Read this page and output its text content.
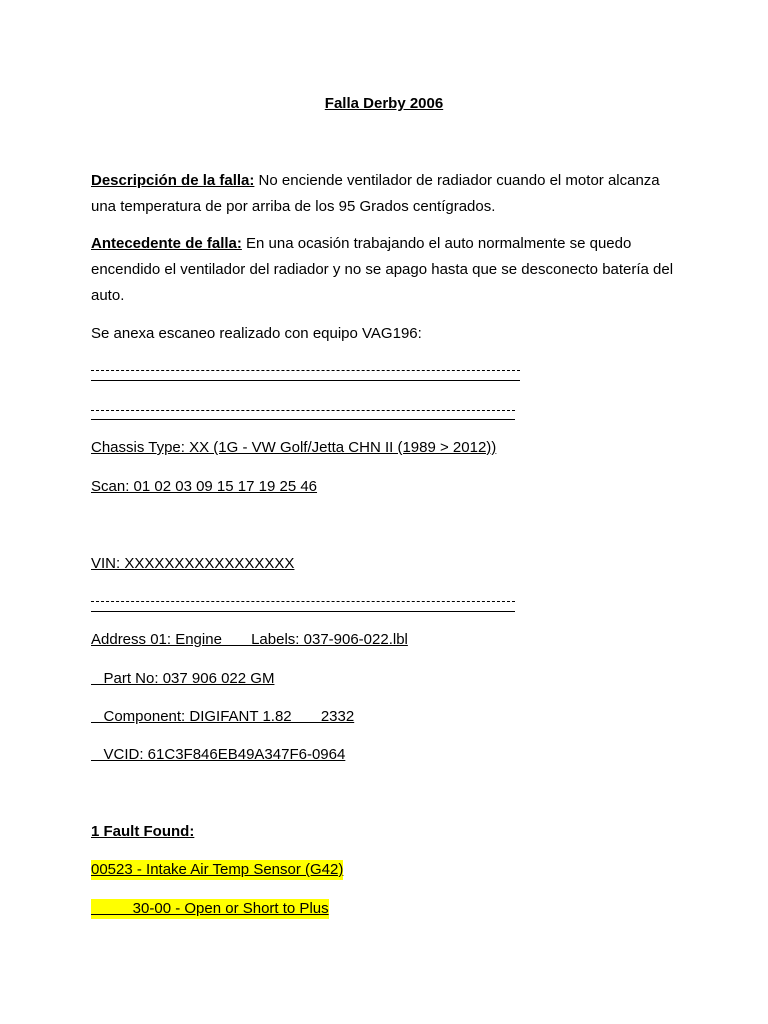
Falla Derby 2006
Descripción de la falla: No enciende ventilador de radiador cuando el motor alcanza una temperatura de por arriba de los 95 Grados centígrados.
Antecedente de falla: En una ocasión trabajando el auto normalmente se quedo encendido el ventilador del radiador y no se apago hasta que se desconecto batería del auto.
Se anexa escaneo realizado con equipo VAG196:
Chassis Type: XX (1G - VW Golf/Jetta CHN II (1989 > 2012))
Scan: 01 02 03 09 15 17 19 25 46
VIN: XXXXXXXXXXXXXXXXX
Address 01: Engine       Labels: 037-906-022.lbl
Part No: 037 906 022 GM
Component: DIGIFANT 1.82       2332
VCID: 61C3F846EB49A347F6-0964
1 Fault Found:
00523 - Intake Air Temp Sensor (G42)
30-00 - Open or Short to Plus
